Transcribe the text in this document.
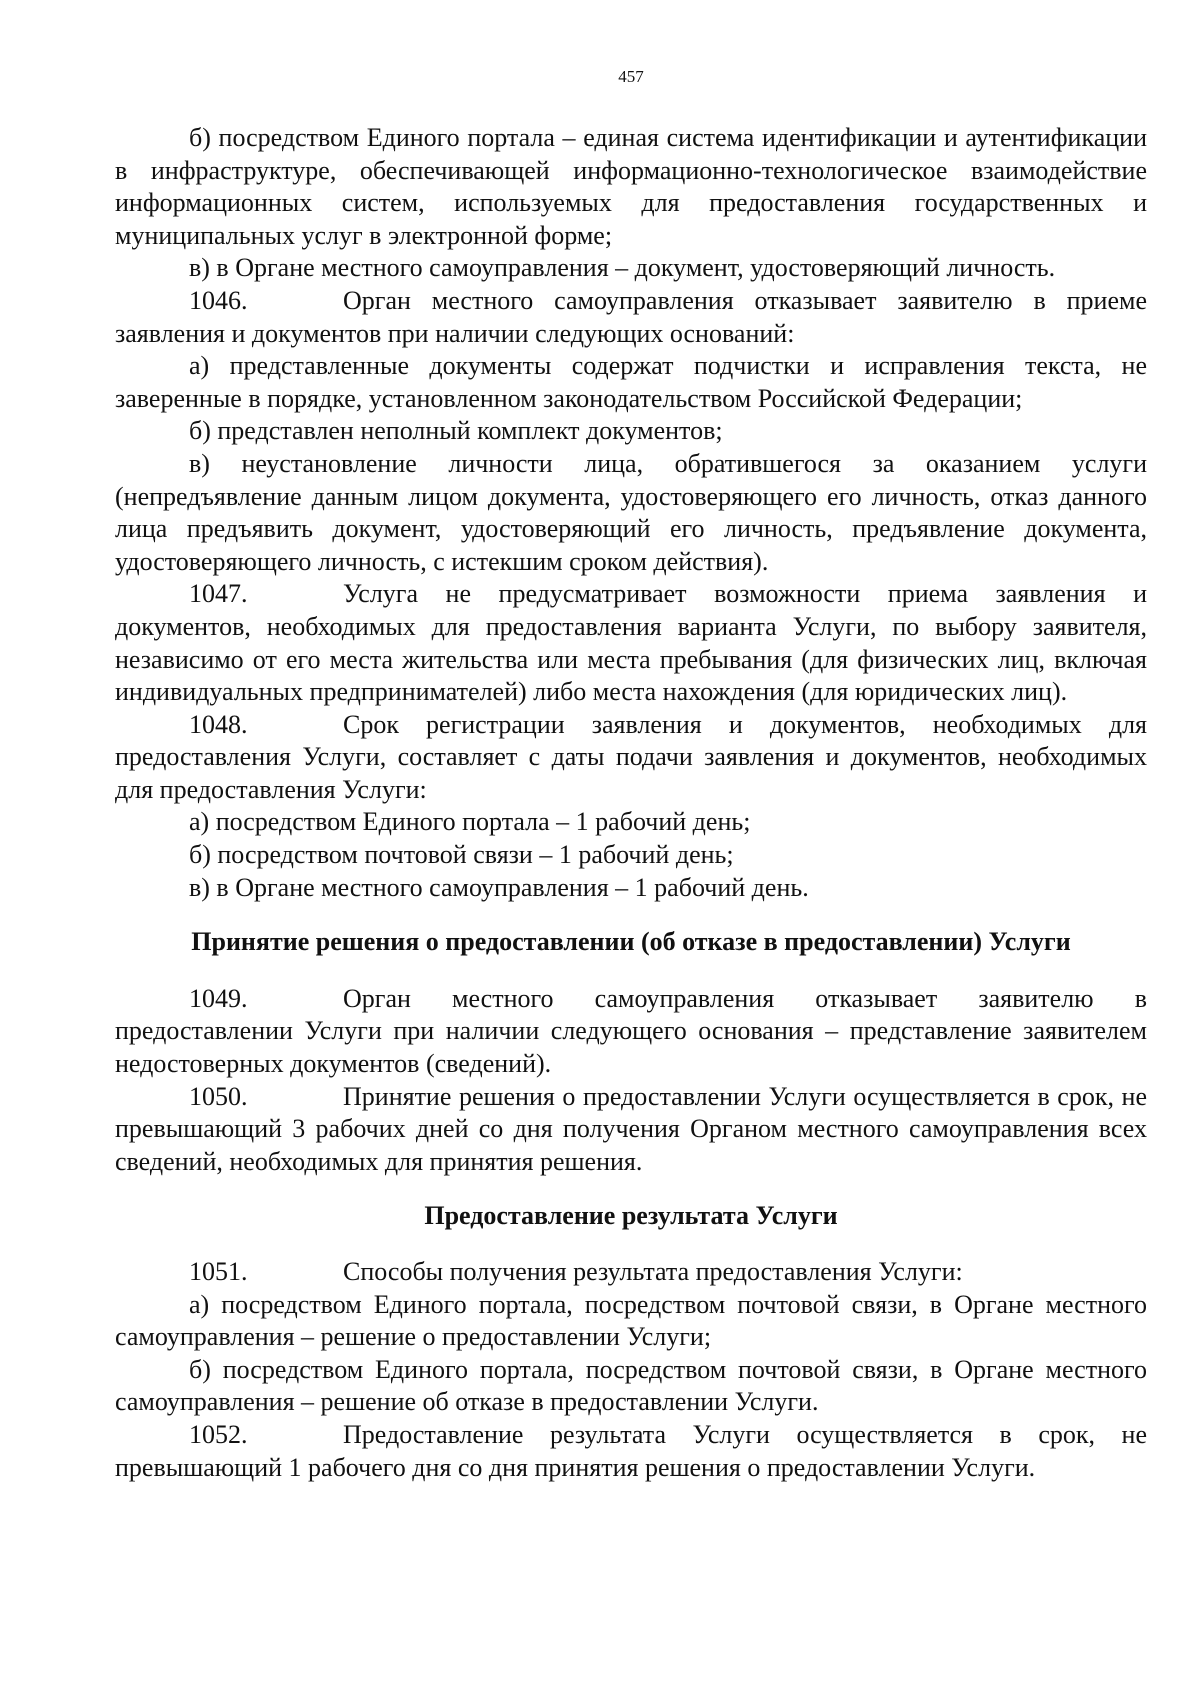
457

б) посредством Единого портала – единая система идентификации и аутентификации в инфраструктуре, обеспечивающей информационно-технологическое взаимодействие информационных систем, используемых для предоставления государственных и муниципальных услуг в электронной форме;

в) в Органе местного самоуправления – документ, удостоверяющий личность.

1046.	Орган местного самоуправления отказывает заявителю в приеме заявления и документов при наличии следующих оснований:

а) представленные документы содержат подчистки и исправления текста, не заверенные в порядке, установленном законодательством Российской Федерации;

б) представлен неполный комплект документов;

в) неустановление личности лица, обратившегося за оказанием услуги (непредъявление данным лицом документа, удостоверяющего его личность, отказ данного лица предъявить документ, удостоверяющий его личность, предъявление документа, удостоверяющего личность, с истекшим сроком действия).

1047.	Услуга не предусматривает возможности приема заявления и документов, необходимых для предоставления варианта Услуги, по выбору заявителя, независимо от его места жительства или места пребывания (для физических лиц, включая индивидуальных предпринимателей) либо места нахождения (для юридических лиц).

1048.	Срок регистрации заявления и документов, необходимых для предоставления Услуги, составляет с даты подачи заявления и документов, необходимых для предоставления Услуги:

а) посредством Единого портала – 1 рабочий день;

б) посредством почтовой связи – 1 рабочий день;

в) в Органе местного самоуправления – 1 рабочий день.

Принятие решения о предоставлении (об отказе в предоставлении) Услуги

1049.	Орган местного самоуправления отказывает заявителю в предоставлении Услуги при наличии следующего основания – представление заявителем недостоверных документов (сведений).

1050.	Принятие решения о предоставлении Услуги осуществляется в срок, не превышающий 3 рабочих дней со дня получения Органом местного самоуправления всех сведений, необходимых для принятия решения.

Предоставление результата Услуги

1051.	Способы получения результата предоставления Услуги:

а) посредством Единого портала, посредством почтовой связи, в Органе местного самоуправления – решение о предоставлении Услуги;

б) посредством Единого портала, посредством почтовой связи, в Органе местного самоуправления – решение об отказе в предоставлении Услуги.

1052.	Предоставление результата Услуги осуществляется в срок, не превышающий 1 рабочего дня со дня принятия решения о предоставлении Услуги.
